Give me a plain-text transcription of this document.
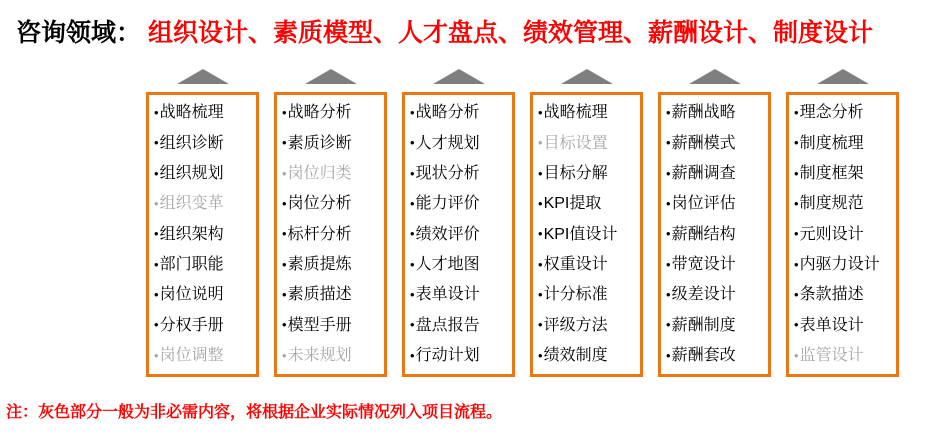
咨询领域： 组织设计、素质模型、人才盘点、绩效管理、薪酬设计、制度设计
• 战略梳理
• 组织诊断
• 组织规划
• 组织变革
• 组织架构
• 部门职能
• 岗位说明
• 分权手册
• 岗位调整
• 战略分析
• 素质诊断
• 岗位归类
• 岗位分析
• 标杆分析
• 素质提炼
• 素质描述
• 模型手册
• 未来规划
• 战略分析
• 人才规划
• 现状分析
• 能力评价
• 绩效评价
• 人才地图
• 表单设计
• 盘点报告
• 行动计划
• 战略梳理
• 目标设置
• 目标分解
• KPI提取
• KPI值设计
• 权重设计
• 计分标准
• 评级方法
• 绩效制度
• 薪酬战略
• 薪酬模式
• 薪酬调查
• 岗位评估
• 薪酬结构
• 带宽设计
• 级差设计
• 薪酬制度
• 薪酬套改
• 理念分析
• 制度梳理
• 制度框架
• 制度规范
• 元则设计
• 内驱力设计
• 条款描述
• 表单设计
• 监管设计
注：灰色部分一般为非必需内容，将根据企业实际情况列入项目流程。
